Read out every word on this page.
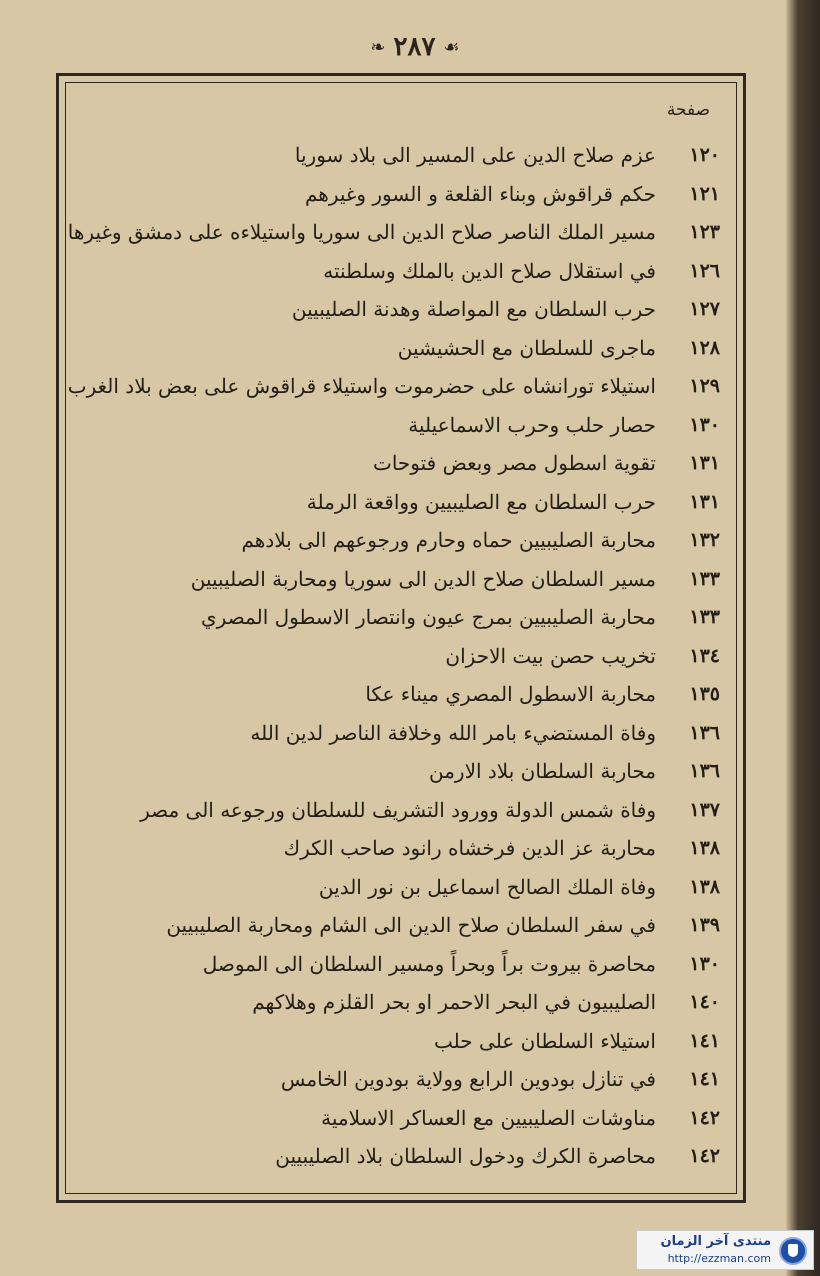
❧ ٢٨٧ ☙
صفحة
١٢٠
عزم صلاح الدين على المسير الى بلاد سوريا
١٢١
حكم قراقوش وبناء القلعة و السور وغيرهم
١٢٣
مسير الملك الناصر صلاح الدين الى سوريا واستيلاءه على دمشق وغيرها
١٢٦
في استقلال صلاح الدين بالملك وسلطنته
١٢٧
حرب السلطان مع المواصلة وهدنة الصليبيين
١٢٨
ماجرى للسلطان مع الحشيشين
١٢٩
استيلاء تورانشاه على حضرموت واستيلاء قراقوش على بعض بلاد الغرب
١٣٠
حصار حلب وحرب الاسماعيلية
١٣١
تقوية اسطول مصر وبعض فتوحات
١٣١
حرب السلطان مع الصليبيين وواقعة الرملة
١٣٢
محاربة الصليبيين حماه وحارم ورجوعهم الى بلادهم
١٣٣
مسير السلطان صلاح الدين الى سوريا ومحاربة الصليبيين
١٣٣
محاربة الصليبيين بمرج عيون وانتصار الاسطول المصري
١٣٤
تخريب حصن بيت الاحزان
١٣٥
محاربة الاسطول المصري ميناء عكا
١٣٦
وفاة المستضيء بامر الله وخلافة الناصر لدين الله
١٣٦
محاربة السلطان بلاد الارمن
١٣٧
وفاة شمس الدولة وورود التشريف للسلطان ورجوعه الى مصر
١٣٨
محاربة عز الدين فرخشاه رانود صاحب الكرك
١٣٨
وفاة الملك الصالح اسماعيل بن نور الدين
١٣٩
في سفر السلطان صلاح الدين الى الشام ومحاربة الصليبيين
١٣٠
محاصرة بيروت براً وبحراً ومسير السلطان الى الموصل
١٤٠
الصليبيون في البحر الاحمر او بحر القلزم وهلاكهم
١٤١
استيلاء السلطان على حلب
١٤١
في تنازل بودوين الرابع وولاية بودوين الخامس
١٤٢
مناوشات الصليبيين مع العساكر الاسلامية
١٤٢
محاصرة الكرك ودخول السلطان بلاد الصليبيين
منتدى آخر الزمان
http://ezzman.com
